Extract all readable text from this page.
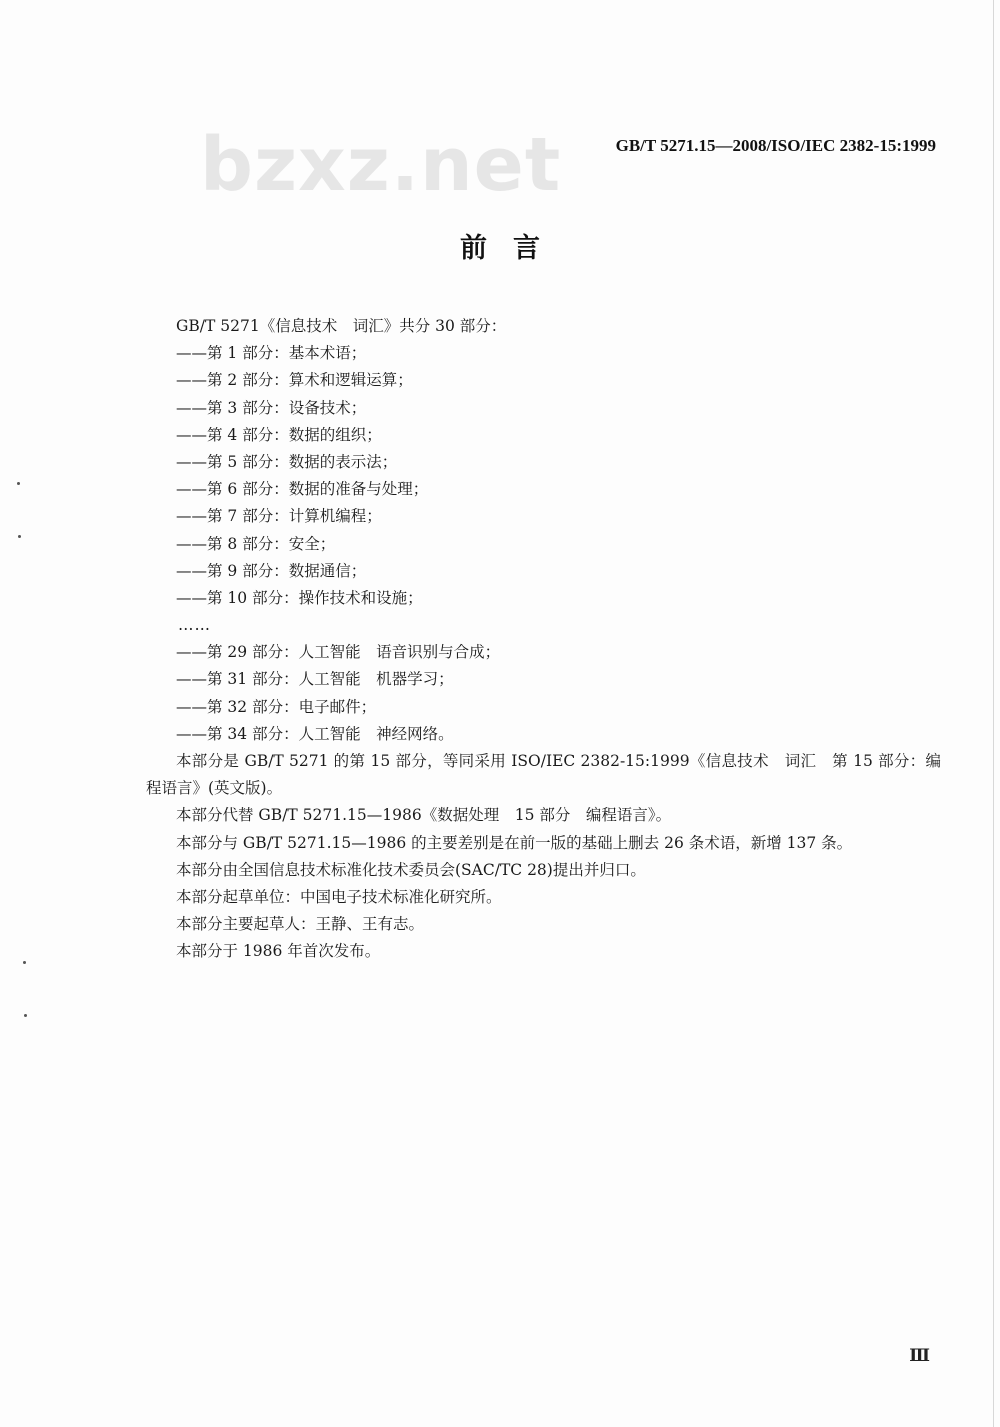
bzxz.net	GB/T 5271.15—2008/ISO/IEC 2382-15:1999
前言
GB/T 5271《信息技术　词汇》共分 30 部分：
——第 1 部分：基本术语；
——第 2 部分：算术和逻辑运算；
——第 3 部分：设备技术；
——第 4 部分：数据的组织；
——第 5 部分：数据的表示法；
——第 6 部分：数据的准备与处理；
——第 7 部分：计算机编程；
——第 8 部分：安全；
——第 9 部分：数据通信；
——第 10 部分：操作技术和设施；
……
——第 29 部分：人工智能　语音识别与合成；
——第 31 部分：人工智能　机器学习；
——第 32 部分：电子邮件；
——第 34 部分：人工智能　神经网络。
本部分是 GB/T 5271 的第 15 部分，等同采用 ISO/IEC 2382-15:1999《信息技术　词汇　第 15 部分：编程语言》(英文版)。
本部分代替 GB/T 5271.15—1986《数据处理　15 部分　编程语言》。
本部分与 GB/T 5271.15—1986 的主要差别是在前一版的基础上删去 26 条术语，新增 137 条。
本部分由全国信息技术标准化技术委员会(SAC/TC 28)提出并归口。
本部分起草单位：中国电子技术标准化研究所。
本部分主要起草人：王静、王有志。
本部分于 1986 年首次发布。
Ⅲ
